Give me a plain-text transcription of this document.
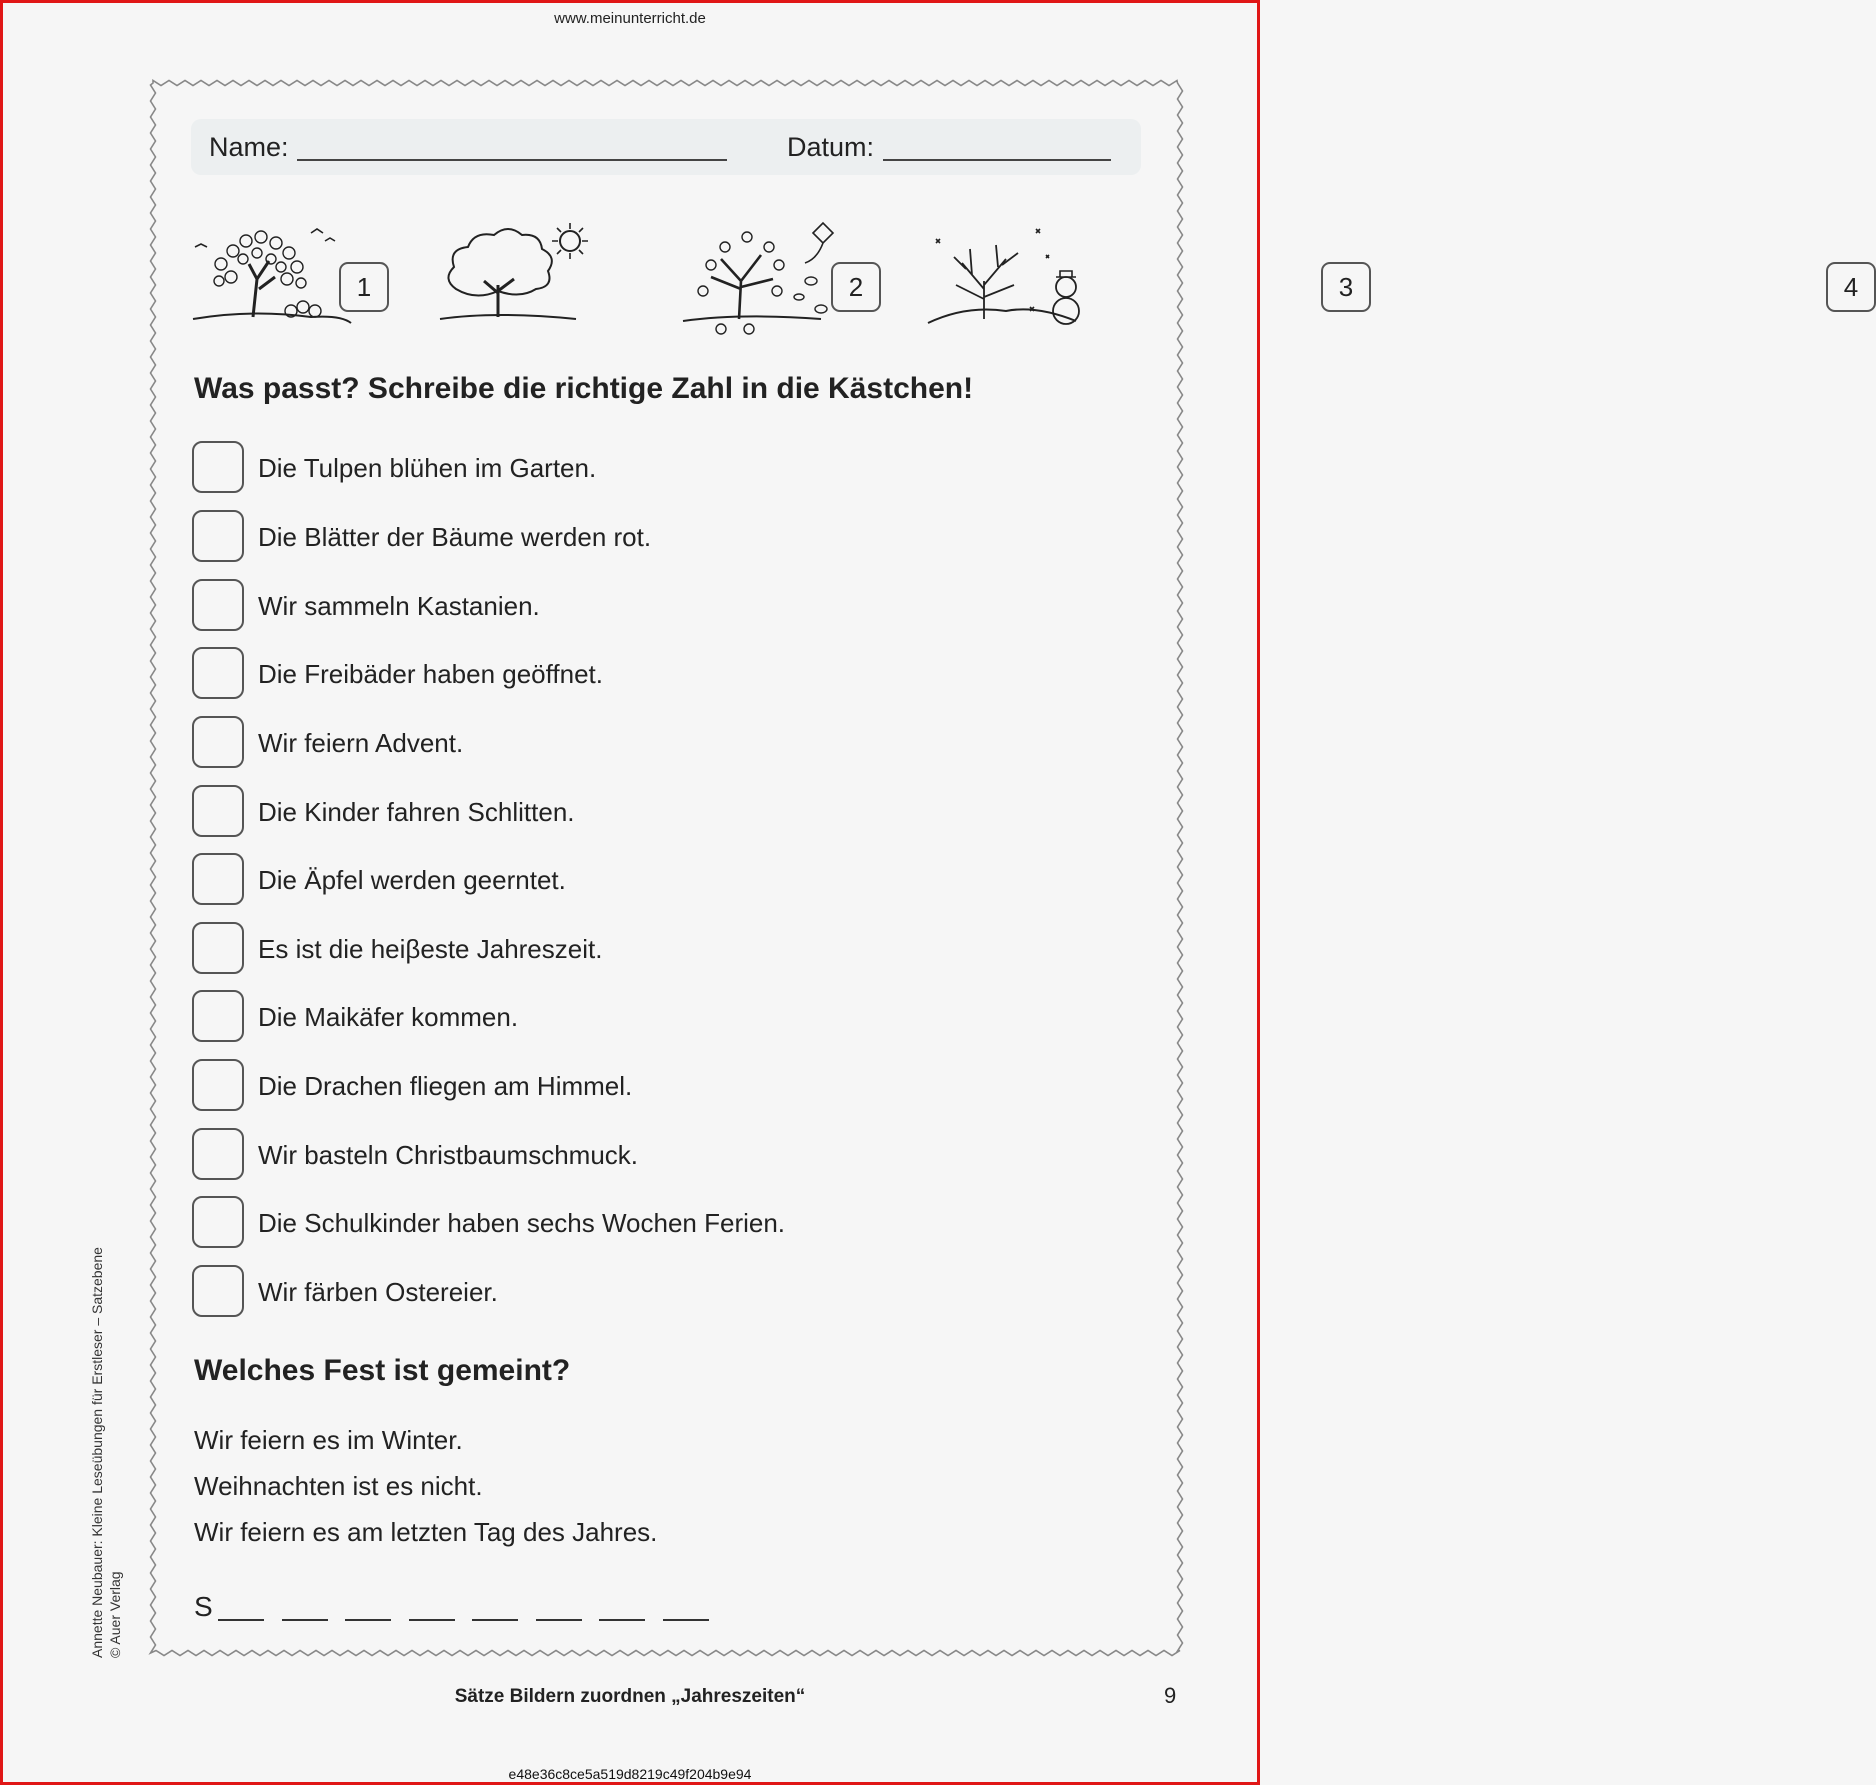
www.meinunterricht.de
Name:	Datum:
1	2	3	4
Was passt? Schreibe die richtige Zahl in die Kästchen!
Die Tulpen blühen im Garten.
Die Blätter der Bäume werden rot.
Wir sammeln Kastanien.
Die Freibäder haben geöffnet.
Wir feiern Advent.
Die Kinder fahren Schlitten.
Die Äpfel werden geerntet.
Es ist die heiβeste Jahreszeit.
Die Maikäfer kommen.
Die Drachen fliegen am Himmel.
Wir basteln Christbaumschmuck.
Die Schulkinder haben sechs Wochen Ferien.
Wir färben Ostereier.
Welches Fest ist gemeint?
Wir feiern es im Winter.
Weihnachten ist es nicht.
Wir feiern es am letzten Tag des Jahres.
S
Annette Neubauer: Kleine Leseübungen für Erstleser – Satzebene © Auer Verlag
Sätze Bildern zuordnen „Jahreszeiten“	9
e48e36c8ce5a519d8219c49f204b9e94
